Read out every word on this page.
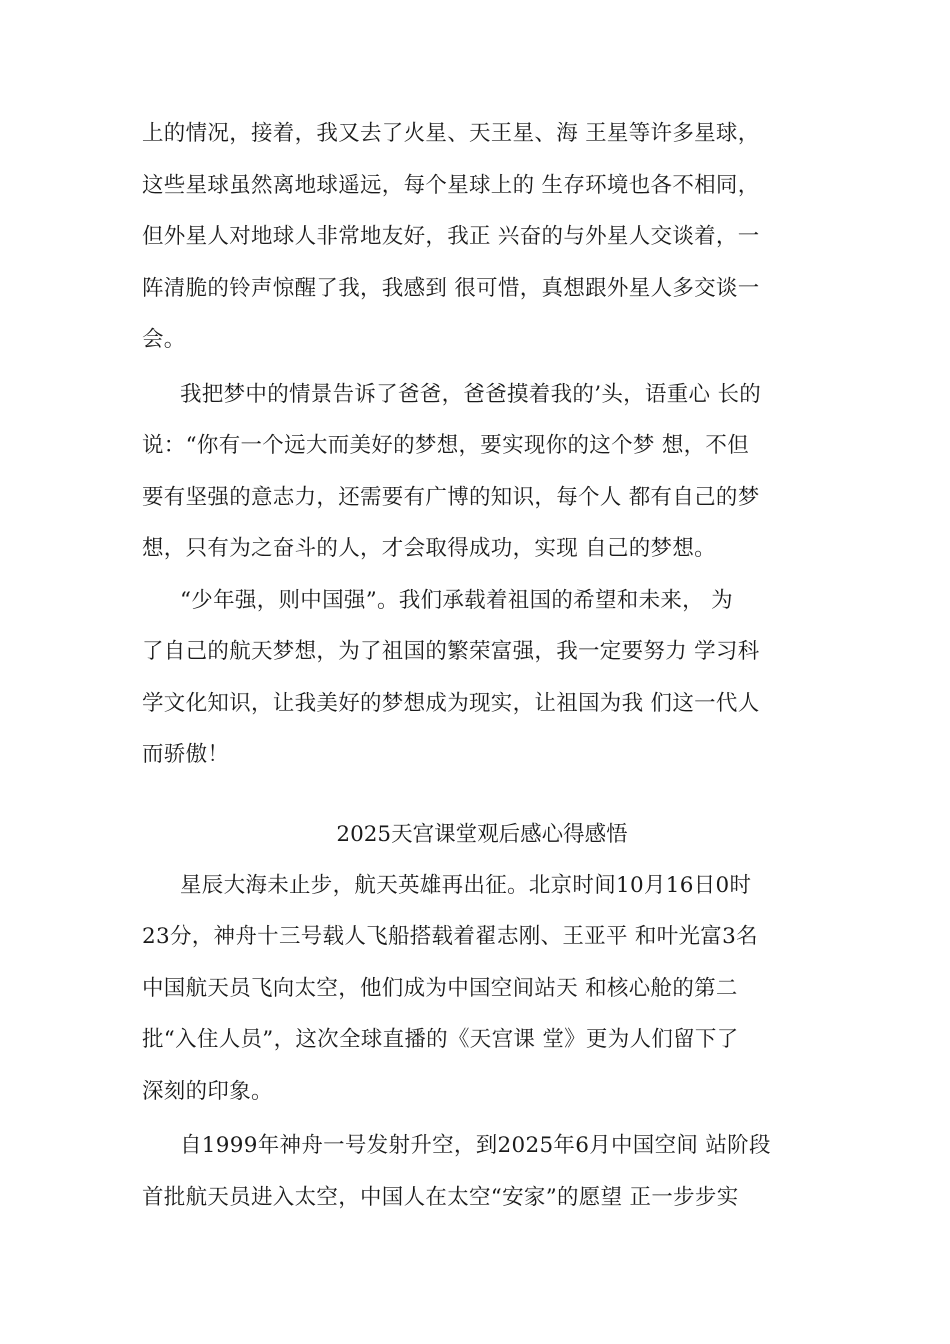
上的情况，接着，我又去了火星、天王星、海 王星等许多星球，
这些星球虽然离地球遥远，每个星球上的 生存环境也各不相同，
但外星人对地球人非常地友好，我正 兴奋的与外星人交谈着，一
阵清脆的铃声惊醒了我，我感到 很可惜，真想跟外星人多交谈一
会。
我把梦中的情景告诉了爸爸，爸爸摸着我的’头，语重心 长的
说：“你有一个远大而美好的梦想，要实现你的这个梦 想，不但
要有坚强的意志力，还需要有广博的知识，每个人 都有自己的梦
想，只有为之奋斗的人，才会取得成功，实现 自己的梦想。
“少年强，则中国强”。我们承载着祖国的希望和未来， 为
了自己的航天梦想，为了祖国的繁荣富强，我一定要努力 学习科
学文化知识，让我美好的梦想成为现实，让祖国为我 们这一代人
而骄傲！
2025天宫课堂观后感心得感悟
星辰大海未止步，航天英雄再出征。北京时间10月16日0时
23分，神舟十三号载人飞船搭载着翟志刚、王亚平 和叶光富3名
中国航天员飞向太空，他们成为中国空间站天 和核心舱的第二
批“入住人员”，这次全球直播的《天宫课 堂》更为人们留下了
深刻的印象。
自1999年神舟一号发射升空，到2025年6月中国空间 站阶段
首批航天员进入太空，中国人在太空“安家”的愿望 正一步步实
